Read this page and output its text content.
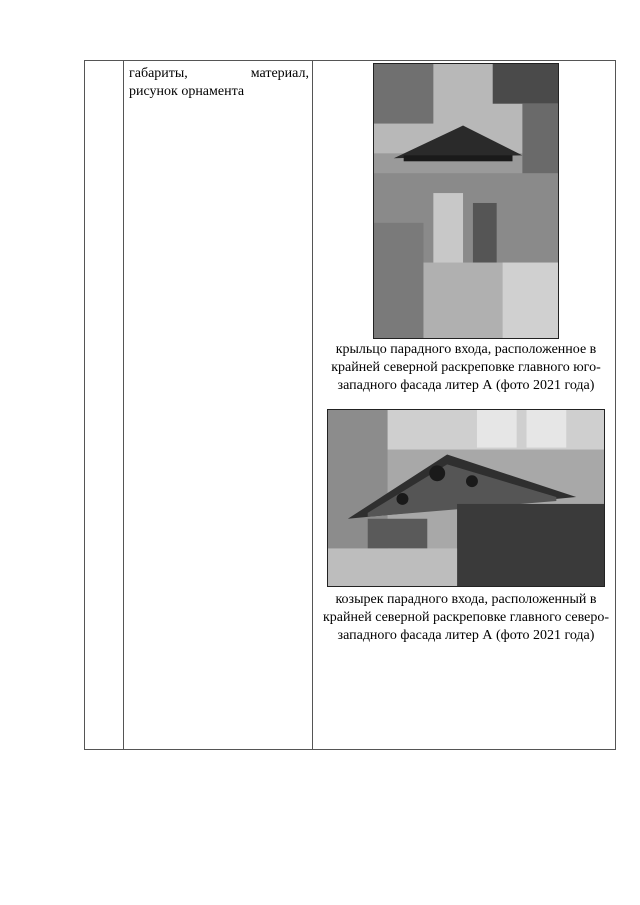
габариты, материал,
рисунок орнамента
крыльцо парадного входа, расположенное в крайней северной раскреповке главного юго-западного фасада литер А (фото 2021 года)
козырек парадного входа, расположенный в крайней северной раскреповке главного северо-западного фасада литер А (фото 2021 года)
